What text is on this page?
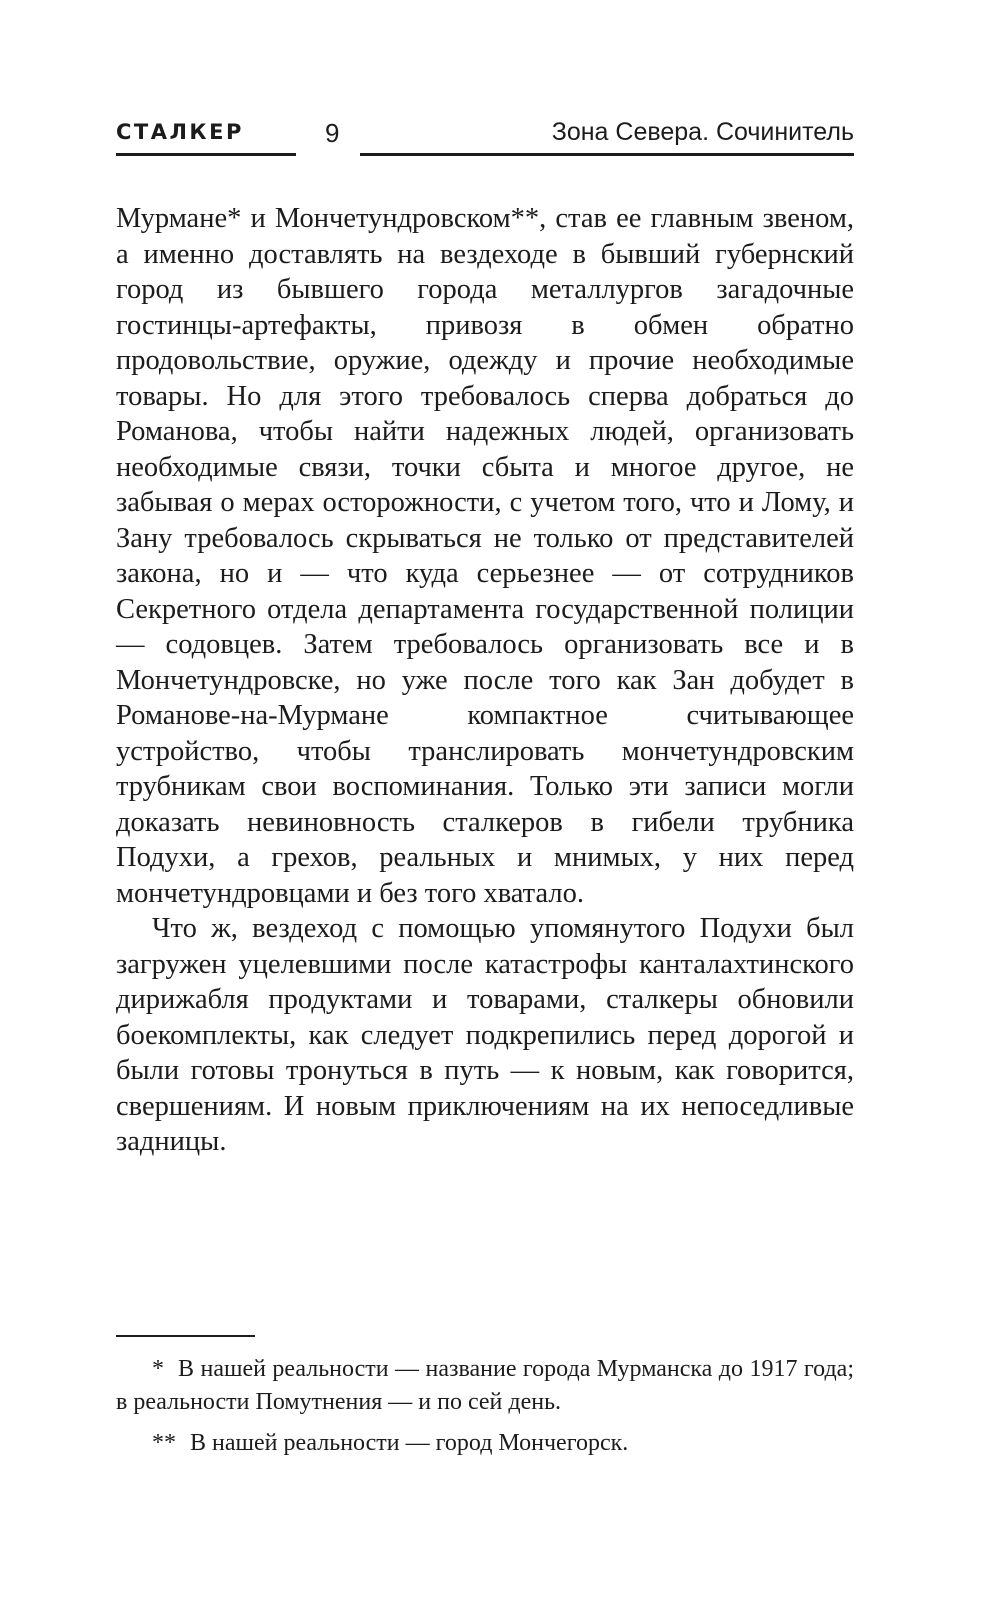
СТАЛКЕР	9	Зона Севера. Сочинитель

Мурмане* и Мончетундровском**, став ее главным звеном, а именно доставлять на вездеходе в бывший губернский город из бывшего города металлургов загадочные гостинцы-артефакты, привозя в обмен обратно продовольствие, оружие, одежду и прочие необходимые товары. Но для этого требовалось сперва добраться до Романова, чтобы найти надежных людей, организовать необходимые связи, точки сбыта и многое другое, не забывая о мерах осторожности, с учетом того, что и Лому, и Зану требовалось скрываться не только от представителей закона, но и — что куда серьезнее — от сотрудников Секретного отдела департамента государственной полиции — содовцев. Затем требовалось организовать все и в Мончетундровске, но уже после того как Зан добудет в Романове-на-Мурмане компактное считывающее устройство, чтобы транслировать мончетундровским трубникам свои воспоминания. Только эти записи могли доказать невиновность сталкеров в гибели трубника Подухи, а грехов, реальных и мнимых, у них перед мончетундровцами и без того хватало.

Что ж, вездеход с помощью упомянутого Подухи был загружен уцелевшими после катастрофы канталахтинского дирижабля продуктами и товарами, сталкеры обновили боекомплекты, как следует подкрепились перед дорогой и были готовы тронуться в путь — к новым, как говорится, свершениям. И новым приключениям на их непоседливые задницы.

* В нашей реальности — название города Мурманска до 1917 года; в реальности Помутнения — и по сей день.

** В нашей реальности — город Мончегорск.
